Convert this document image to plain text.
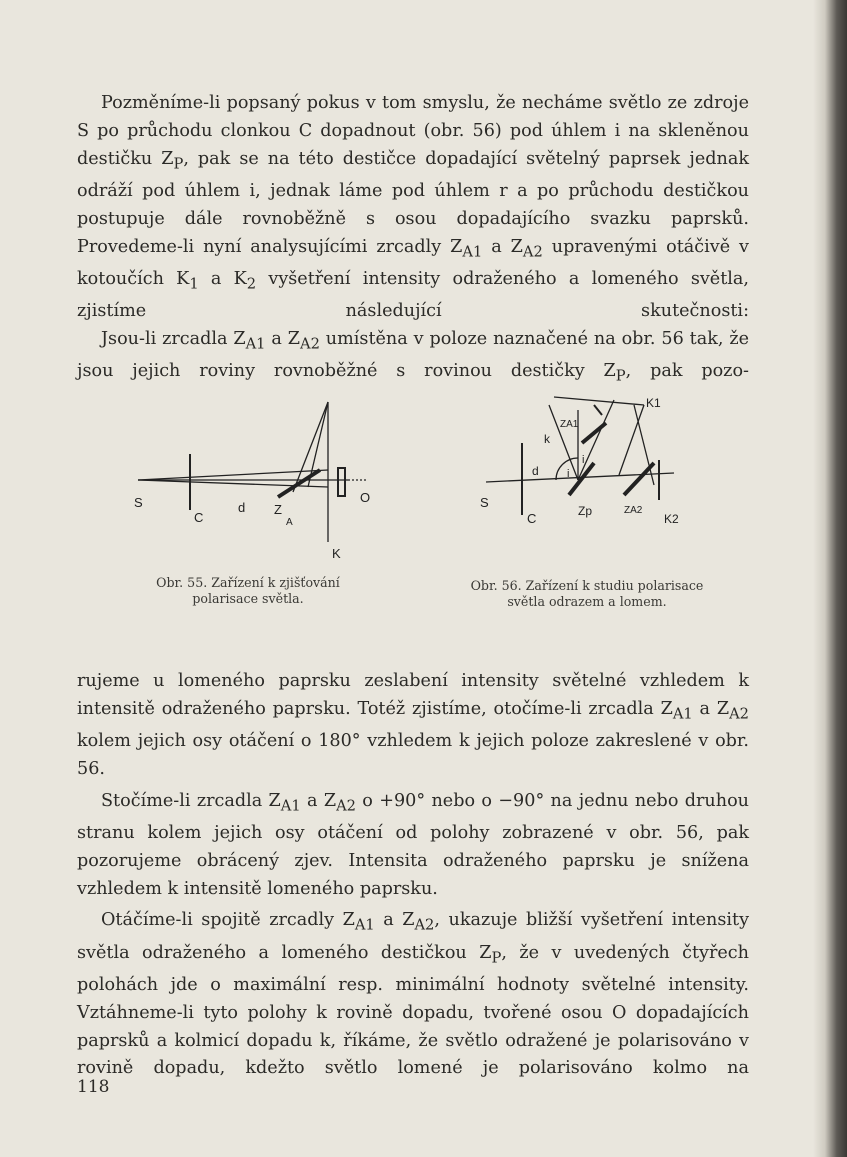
Pozměníme-li popsaný pokus v tom smyslu, že necháme světlo ze zdroje S po průchodu clonkou C dopadnout (obr. 56) pod úhlem i na skleněnou destičku $Z_P$, pak se na této destičce dopadající světelný paprsek jednak odráží pod úhlem i, jednak láme pod úhlem r a po průchodu destičkou postupuje dále rovnoběžně s osou dopadajícího svazku paprsků. Provedeme-li nyní analysujícími zrcadly $Z_{A1}$ a $Z_{A2}$ upravenými otáčivě v kotoučích $K_1$ a $K_2$ vyšetření intensity odraženého a lomeného světla, zjistíme následující skutečnosti:

Jsou-li zrcadla $Z_{A1}$ a $Z_{A2}$ umístěna v poloze naznačené na obr. 56 tak, že jsou jejich roviny rovnoběžné s rovinou destičky $Z_P$, pak pozo-

S
C
d Z
A
O
K
Obr. 55. Zařízení k zjišťování polarisace světla.
S
C
d
k
i
i
ZA1
Zp	ZA2
K1
K2
Obr. 56. Zařízení k studiu polarisace světla odrazem a lomem.

rujeme u lomeného paprsku zeslabení intensity světelné vzhledem k intensitě odraženého paprsku. Totéž zjistíme, otočíme-li zrcadla $Z_{A1}$ a $Z_{A2}$ kolem jejich osy otáčení o 180° vzhledem k jejich poloze zakreslené v obr. 56.

Stočíme-li zrcadla $Z_{A1}$ a $Z_{A2}$ o +90° nebo o −90° na jednu nebo druhou stranu kolem jejich osy otáčení od polohy zobrazené v obr. 56, pak pozorujeme obrácený zjev. Intensita odraženého paprsku je snížena vzhledem k intensitě lomeného paprsku.

Otáčíme-li spojitě zrcadly $Z_{A1}$ a $Z_{A2}$, ukazuje bližší vyšetření intensity světla odraženého a lomeného destičkou $Z_P$, že v uvedených čtyřech polohách jde o maximální resp. minimální hodnoty světelné intensity. Vztáhneme-li tyto polohy k rovině dopadu, tvořené osou O dopadajících paprsků a kolmicí dopadu k, říkáme, že světlo odražené je polarisováno v rovině dopadu, kdežto světlo lomené je polarisováno kolmo na

118
